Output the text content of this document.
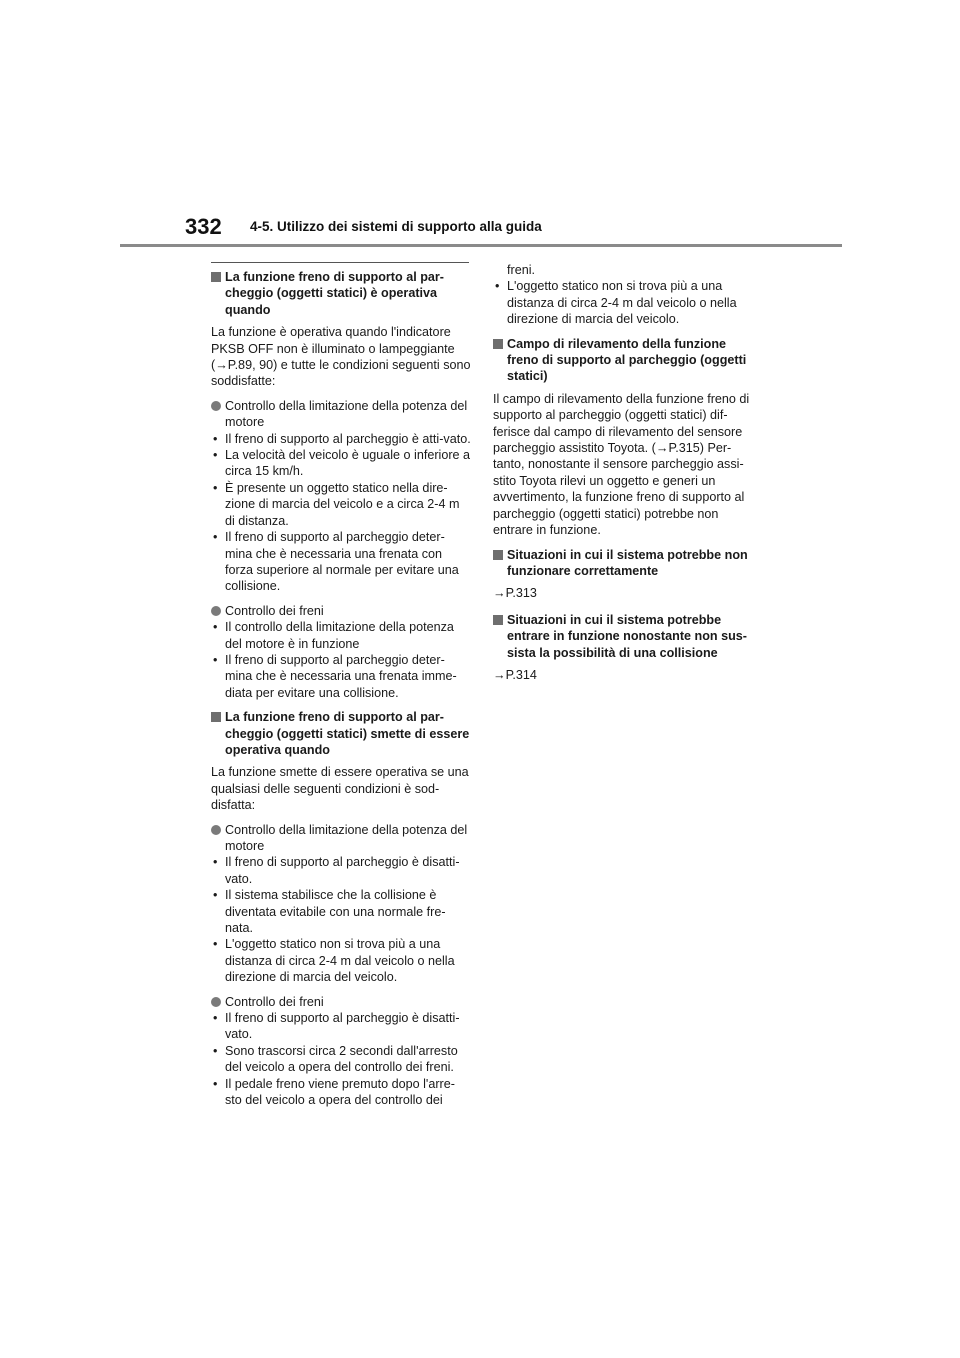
332 4-5. Utilizzo dei sistemi di supporto alla guida
La funzione freno di supporto al par-cheggio (oggetti statici) è operativa quando

La funzione è operativa quando l'indicatore PKSB OFF non è illuminato o lampeggiante (→P.89, 90) e tutte le condizioni seguenti sono soddisfatte:

Controllo della limitazione della potenza del motore
• Il freno di supporto al parcheggio è atti-vato.
• La velocità del veicolo è uguale o inferiore a circa 15 km/h.
• È presente un oggetto statico nella dire-zione di marcia del veicolo e a circa 2-4 m di distanza.
• Il freno di supporto al parcheggio deter-mina che è necessaria una frenata con forza superiore al normale per evitare una collisione.
Controllo dei freni
• Il controllo della limitazione della potenza del motore è in funzione
• Il freno di supporto al parcheggio deter-mina che è necessaria una frenata imme-diata per evitare una collisione.
La funzione freno di supporto al par-cheggio (oggetti statici) smette di essere operativa quando

La funzione smette di essere operativa se una qualsiasi delle seguenti condizioni è sod-disfatta:

Controllo della limitazione della potenza del motore
• Il freno di supporto al parcheggio è disatti-vato.
• Il sistema stabilisce che la collisione è diventata evitabile con una normale fre-nata.
• L'oggetto statico non si trova più a una distanza di circa 2-4 m dal veicolo o nella direzione di marcia del veicolo.
Controllo dei freni
• Il freno di supporto al parcheggio è disatti-vato.
• Sono trascorsi circa 2 secondi dall'arresto del veicolo a opera del controllo dei freni.
• Il pedale freno viene premuto dopo l'arre-sto del veicolo a opera del controllo dei

freni.

• L'oggetto statico non si trova più a una distanza di circa 2-4 m dal veicolo o nella direzione di marcia del veicolo.
Campo di rilevamento della funzione freno di supporto al parcheggio (oggetti statici)

Il campo di rilevamento della funzione freno di supporto al parcheggio (oggetti statici) dif-ferisce dal campo di rilevamento del sensore parcheggio assistito Toyota. (→P.315) Per-tanto, nonostante il sensore parcheggio assi-stito Toyota rilevi un oggetto e generi un avvertimento, la funzione freno di supporto al parcheggio (oggetti statici) potrebbe non entrare in funzione.

Situazioni in cui il sistema potrebbe non funzionare correttamente

→P.313

Situazioni in cui il sistema potrebbe entrare in funzione nonostante non sus-sista la possibilità di una collisione

→P.314
